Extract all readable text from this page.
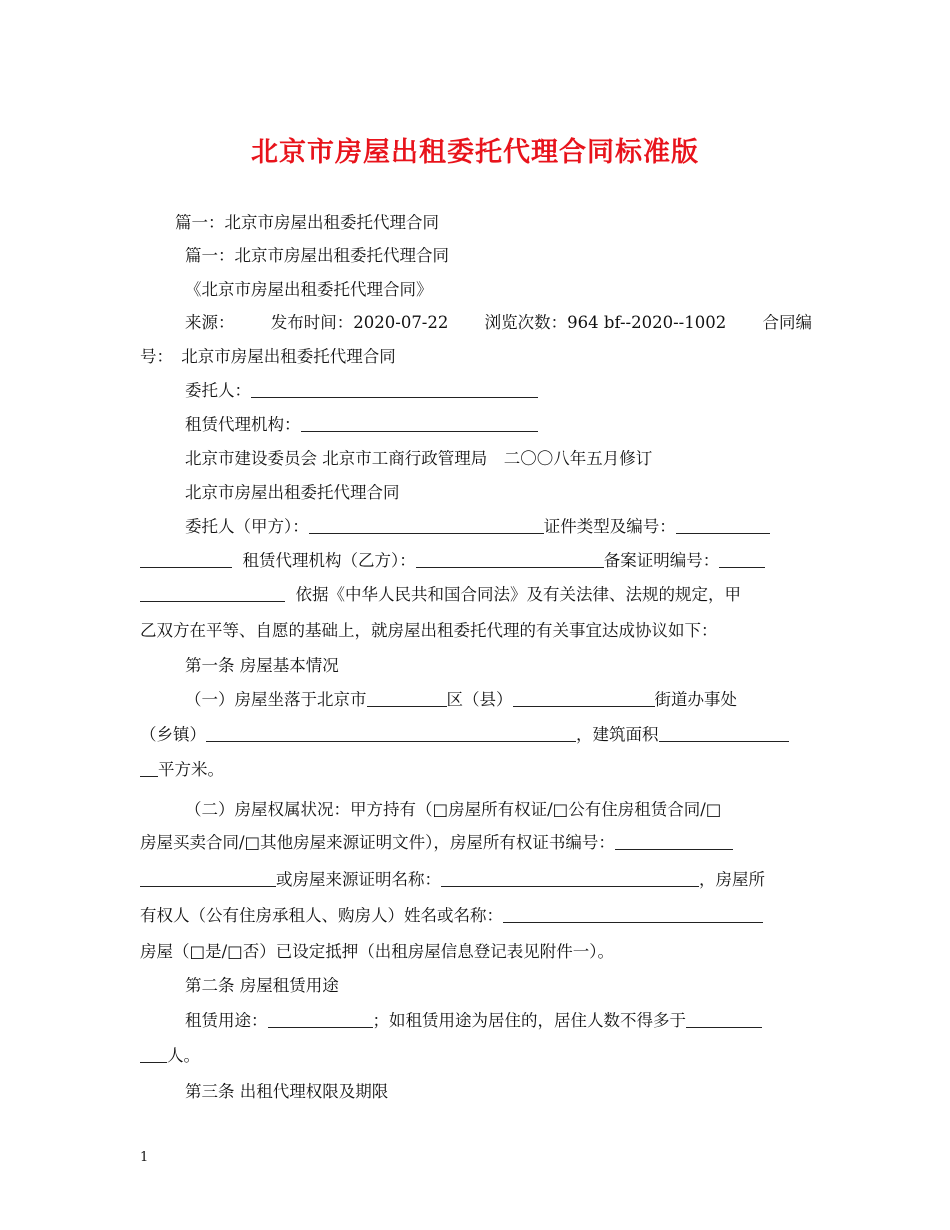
北京市房屋出租委托代理合同标准版
篇一：北京市房屋出租委托代理合同
篇一：北京市房屋出租委托代理合同
《北京市房屋出租委托代理合同》
来源： 发布时间：2020-07-22 浏览次数：964 bf--2020--1002 合同编
号：　北京市房屋出租委托代理合同
委托人：
租赁代理机构：
北京市建设委员会 北京市工商行政管理局　二〇〇八年五月修订
北京市房屋出租委托代理合同
委托人（甲方）：	证件类型及编号：
租赁代理机构（乙方）：	备案证明编号：
依据《中华人民共和国合同法》及有关法律、法规的规定，甲
乙双方在平等、自愿的基础上，就房屋出租委托代理的有关事宜达成协议如下：
第一条 房屋基本情况
（一）房屋坐落于北京市	区（县）	街道办事处
（乡镇）	，建筑面积
平方米。
（二）房屋权属状况：甲方持有（□房屋所有权证/□公有住房租赁合同/□
房屋买卖合同/□其他房屋来源证明文件），房屋所有权证书编号：
或房屋来源证明名称：	，房屋所
有权人（公有住房承租人、购房人）姓名或名称：
房屋（□是/□否）已设定抵押（出租房屋信息登记表见附件一）。
第二条 房屋租赁用途
租赁用途：	；如租赁用途为居住的，居住人数不得多于
人。
第三条 出租代理权限及期限
1
